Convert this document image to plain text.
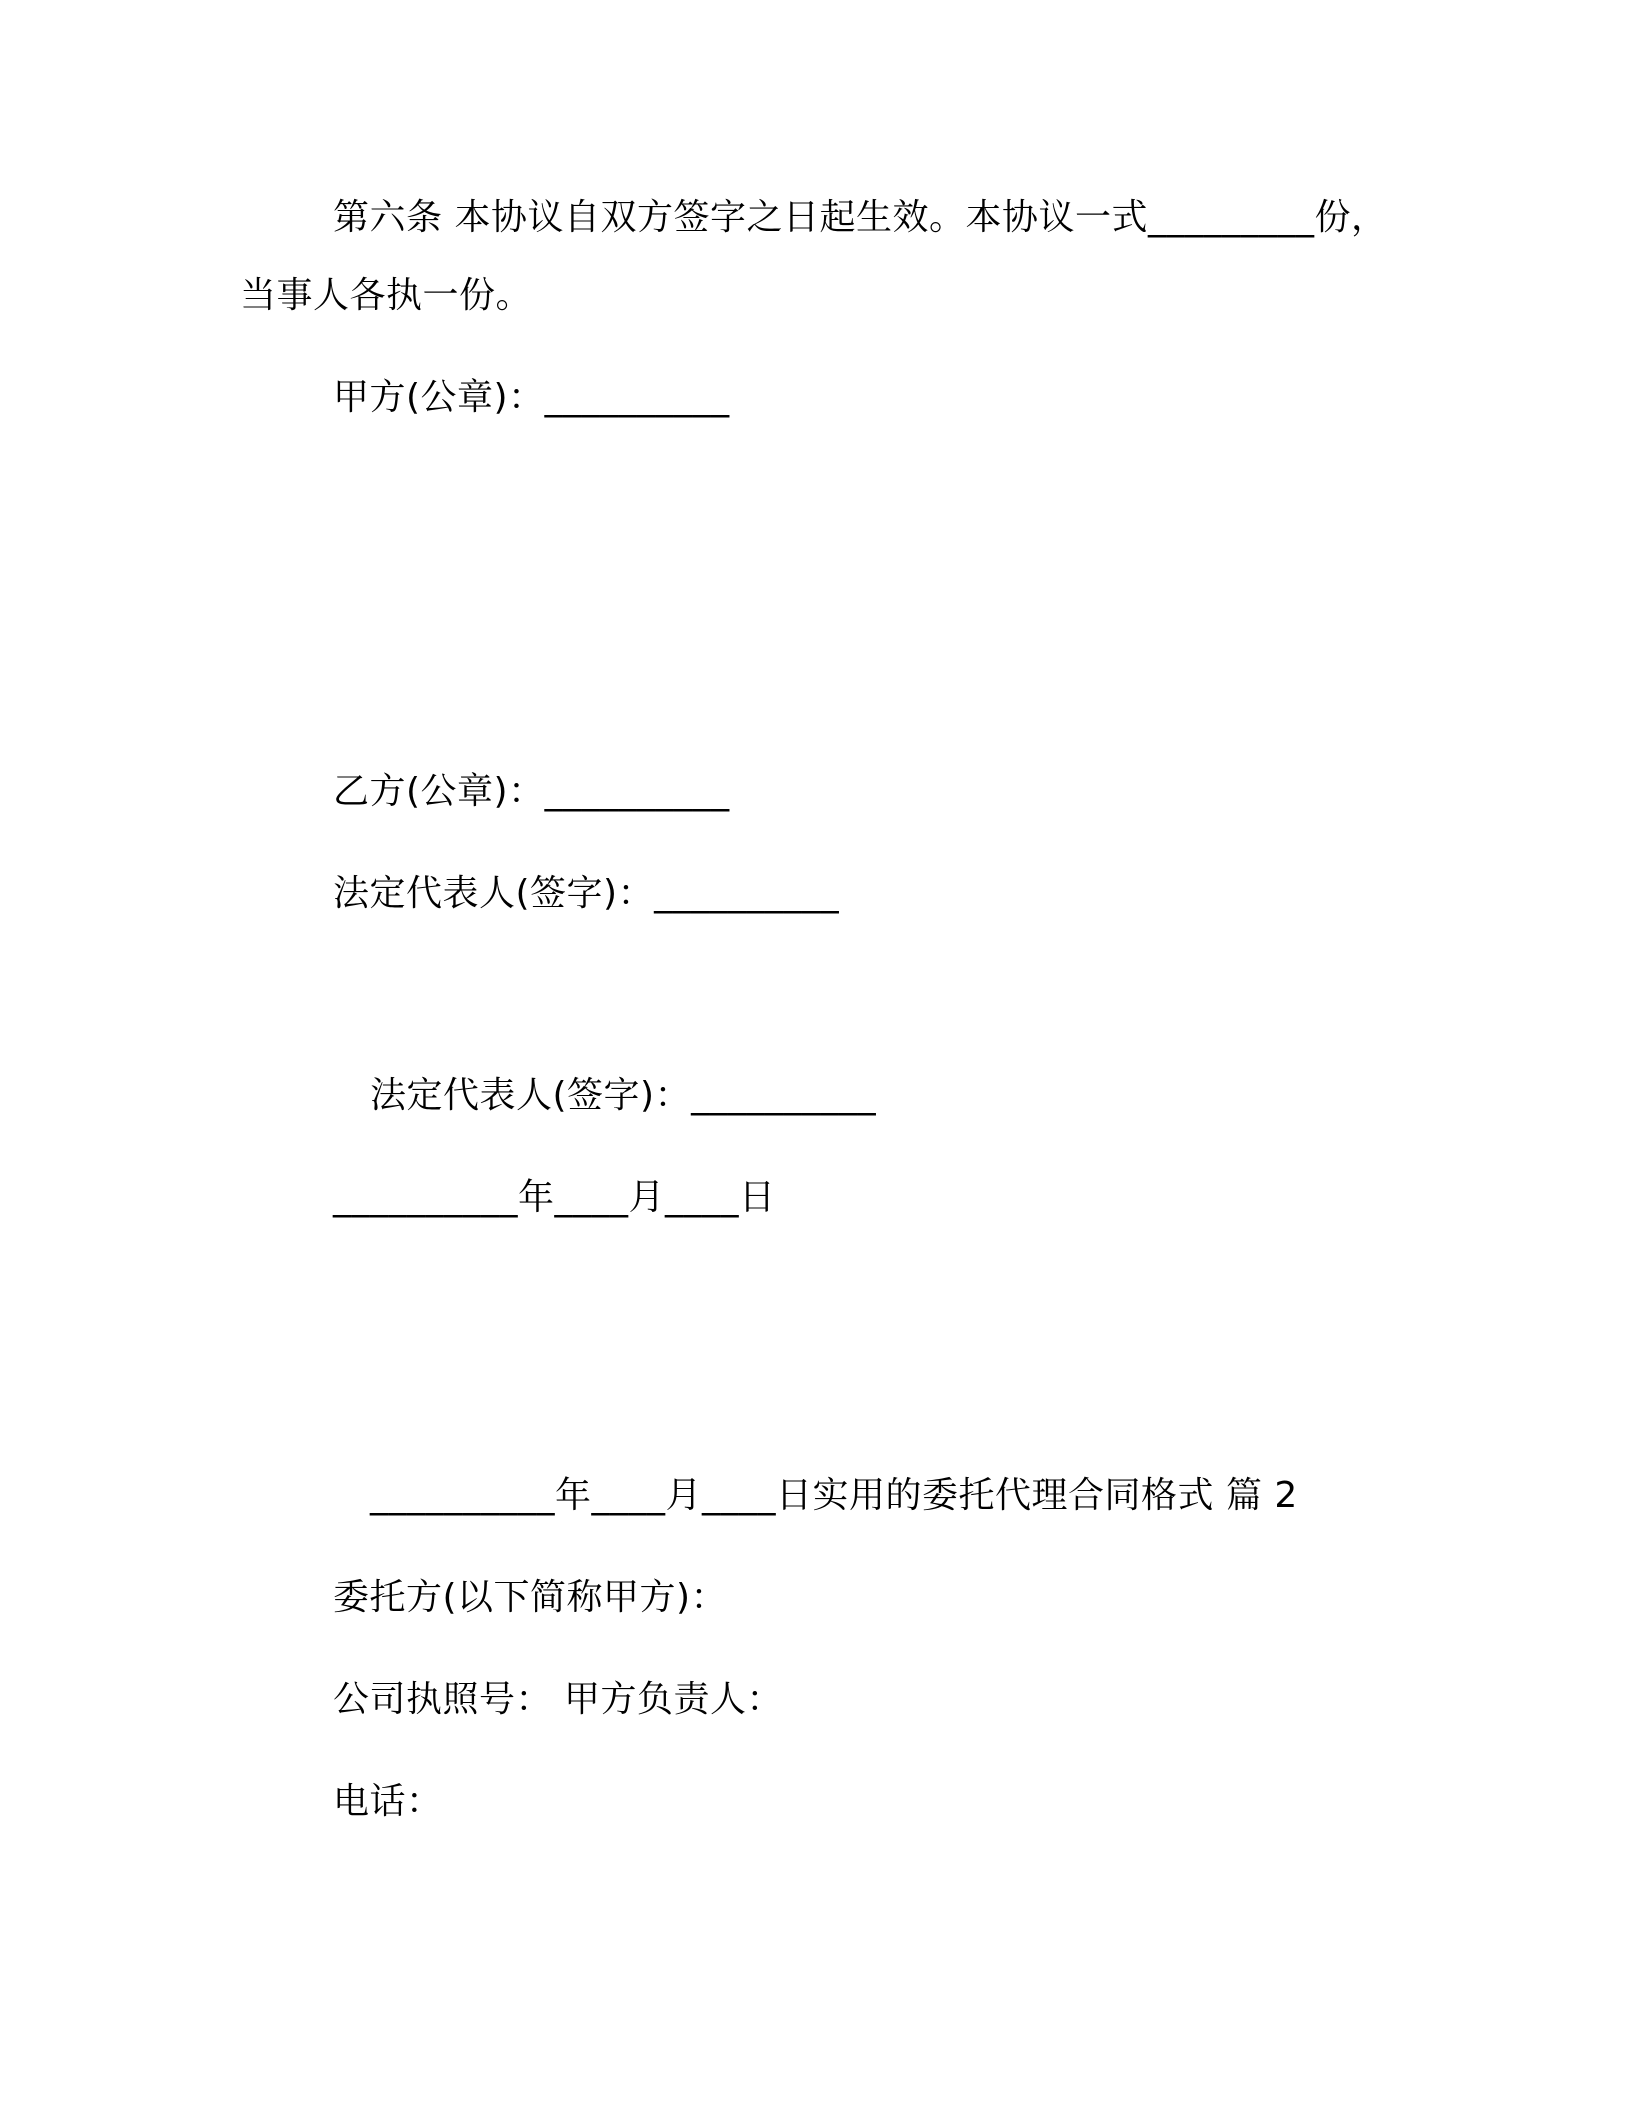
第六条 本协议自双方签字之日起生效。本协议一式_________份，
当事人各执一份。
甲方(公章)：__________
乙方(公章)：__________
法定代表人(签字)：__________
法定代表人(签字)：__________
__________年____月____日
__________年____月____日实用的委托代理合同格式 篇 2
委托方(以下简称甲方)：
公司执照号： 甲方负责人：
电话：
